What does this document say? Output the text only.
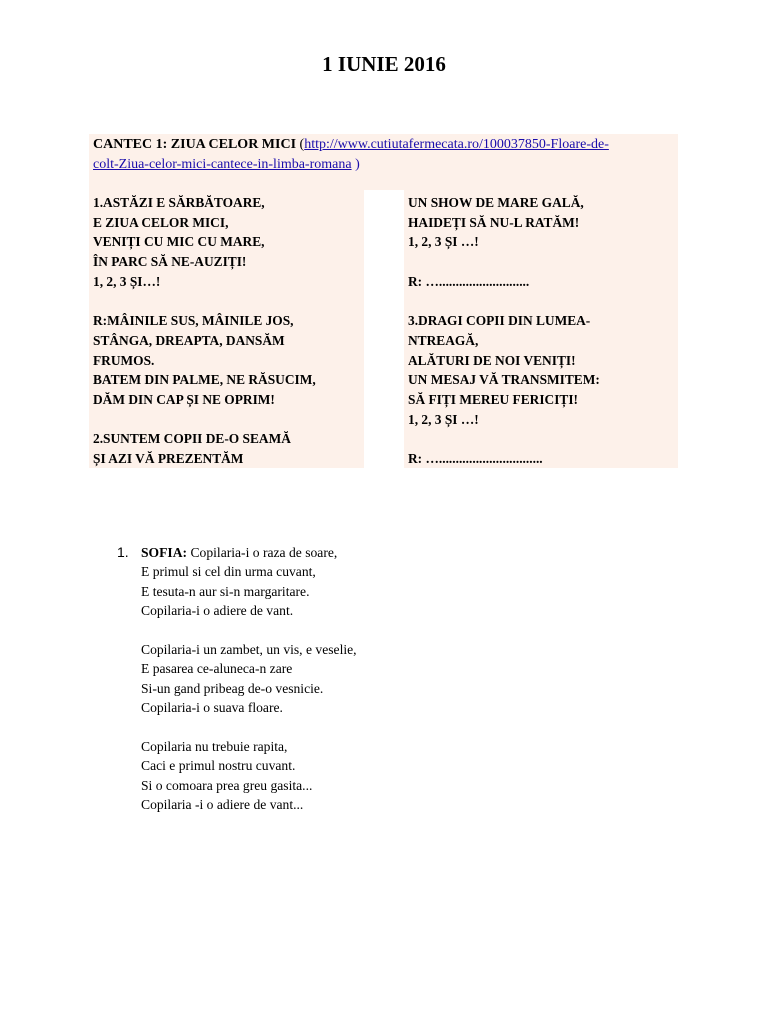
1 IUNIE 2016
CANTEC 1: ZIUA CELOR MICI (http://www.cutiutafermecata.ro/100037850-Floare-de-
colt-Ziua-celor-mici-cantece-in-limba-romana )
1.ASTĂZI E SĂRBĂTOARE,
E ZIUA CELOR MICI,
VENIȚI CU MIC CU MARE,
ÎN PARC SĂ NE-AUZIȚI!
1, 2, 3 ȘI…!
R:MÂINILE SUS, MÂINILE JOS,
STÂNGA, DREAPTA, DANSĂM
FRUMOS.
BATEM DIN PALME, NE RĂSUCIM,
DĂM DIN CAP ȘI NE OPRIM!
2.SUNTEM COPII DE-O SEAMĂ
ȘI AZI VĂ PREZENTĂM
UN SHOW DE MARE GALĂ,
HAIDEȚI SĂ NU-L RATĂM!
1, 2, 3 ȘI …!
R: …...........................
3.DRAGI COPII DIN LUMEA-
NTREAGĂ,
ALĂTURI DE NOI VENIȚI!
UN MESAJ VĂ TRANSMITEM:
SĂ FIȚI MEREU FERICIȚI!
1, 2, 3 ȘI …!
R: …...............................
1. SOFIA: Copilaria-i o raza de soare,
E primul si cel din urma cuvant,
E tesuta-n aur si-n margaritare.
Copilaria-i o adiere de vant.
Copilaria-i un zambet, un vis, e veselie,
E pasarea ce-aluneca-n zare
Si-un gand pribeag de-o vesnicie.
Copilaria-i o suava floare.
Copilaria nu trebuie rapita,
Caci e primul nostru cuvant.
Si o comoara prea greu gasita...
Copilaria -i o adiere de vant...
